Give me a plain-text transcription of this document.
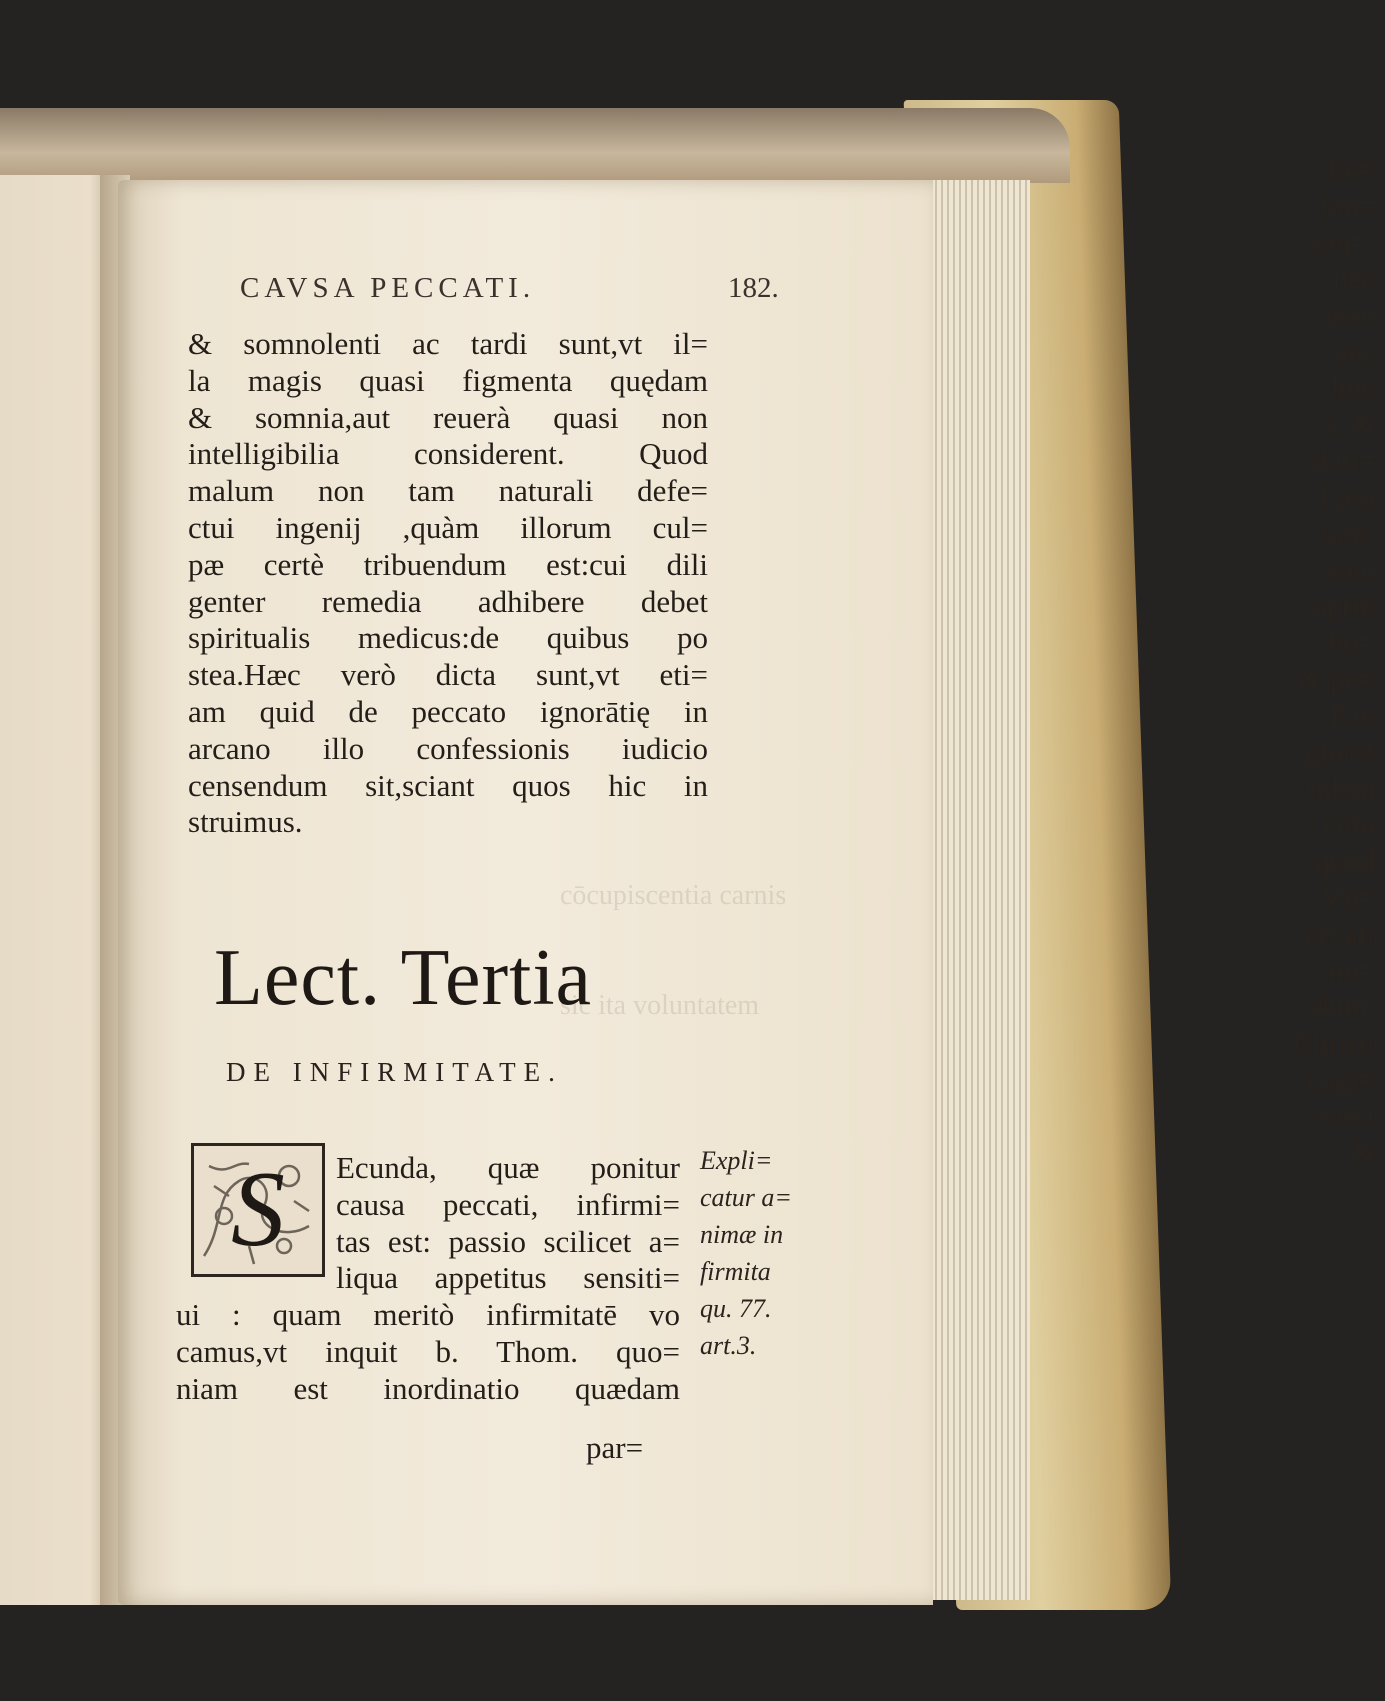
he=
ton=
san=.
: nec
esse
sis.
, hoc
s, &
diui=
l pro
tam:
, siue
opriū
ho=
& pe=
t Pau
gloriā
ndem
: cùm
quòd
Vn=
eccati
nu=
dum,
Christi
cogi=
crassi
&
cōcupiscentia carnis
sic ita voluntatem
CAVSA PECCATI.	182.
& somnolenti ac tardi sunt,vt il=
la magis quasi figmenta quędam
& somnia,aut reuerà quasi non
intelligibilia considerent. Quod
malum non tam naturali defe=
ctui ingenij ,quàm illorum cul=
pæ certè tribuendum est:cui dili
genter remedia adhibere debet
spiritualis medicus:de quibus po
stea.Hæc verò dicta sunt,vt eti=
am quid de peccato ignorātię in
arcano illo confessionis iudicio
censendum sit,sciant quos hic in
struimus.
Lect. Tertia
DE INFIRMITATE.
S	Ecunda, quæ ponitur
causa peccati, infirmi=
tas est: passio scilicet a=
liqua appetitus sensiti=
ui : quam meritò infirmitatē vo
camus,vt inquit b. Thom. quo=
niam est inordinatio quædam
Expli=
catur a=
nimæ in
firmita
qu. 77.
art.3.
par=
